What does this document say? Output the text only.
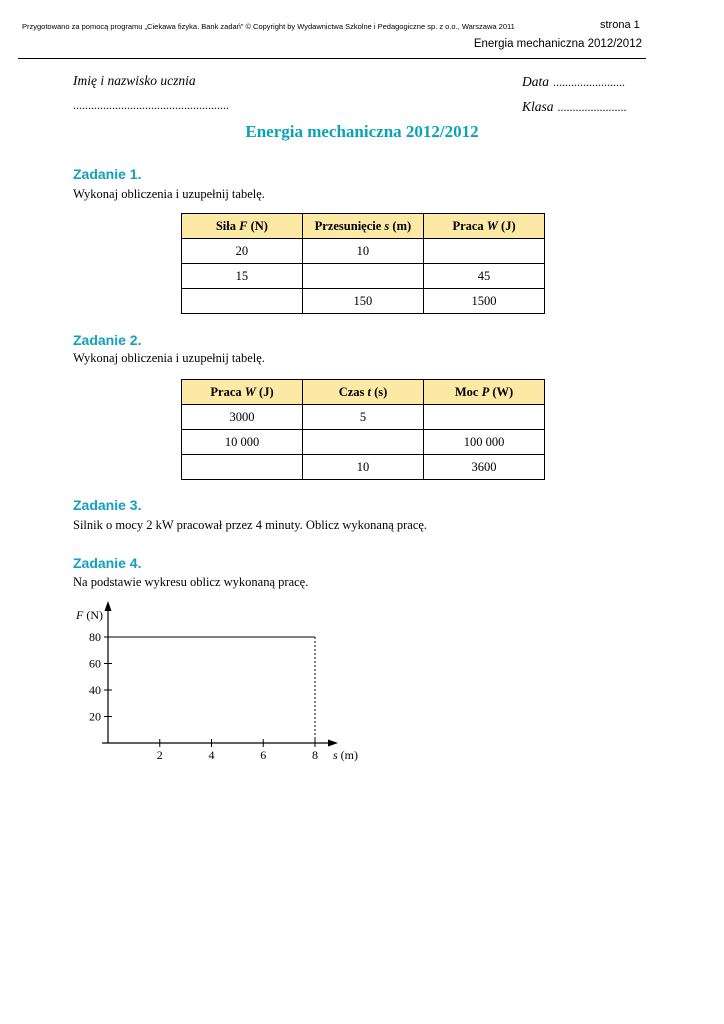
Przygotowano za pomocą programu „Ciekawa fizyka. Bank zadań” © Copyright by Wydawnictwa Szkolne i Pedagogiczne sp. z o.o., Warszawa 2011	strona 1
Energia mechaniczna 2012/2012
Imię i nazwisko ucznia
....................................................
Data ........................
Klasa .......................
Energia mechaniczna 2012/2012
Zadanie 1.
Wykonaj obliczenia i uzupełnij tabelę.
Siła F (N)	Przesunięcie s (m)	Praca W (J)
20	10	
15		45
	150	1500
Zadanie 2.
Wykonaj obliczenia i uzupełnij tabelę.
Praca W (J)	Czas t (s)	Moc P (W)
3000	5	
10 000		100 000
	10	3600
Zadanie 3.
Silnik o mocy 2 kW pracował przez 4 minuty. Oblicz wykonaną pracę.
Zadanie 4.
Na podstawie wykresu oblicz wykonaną pracę.
20
40
60
80
2	4	6	8
F (N)
s (m)
